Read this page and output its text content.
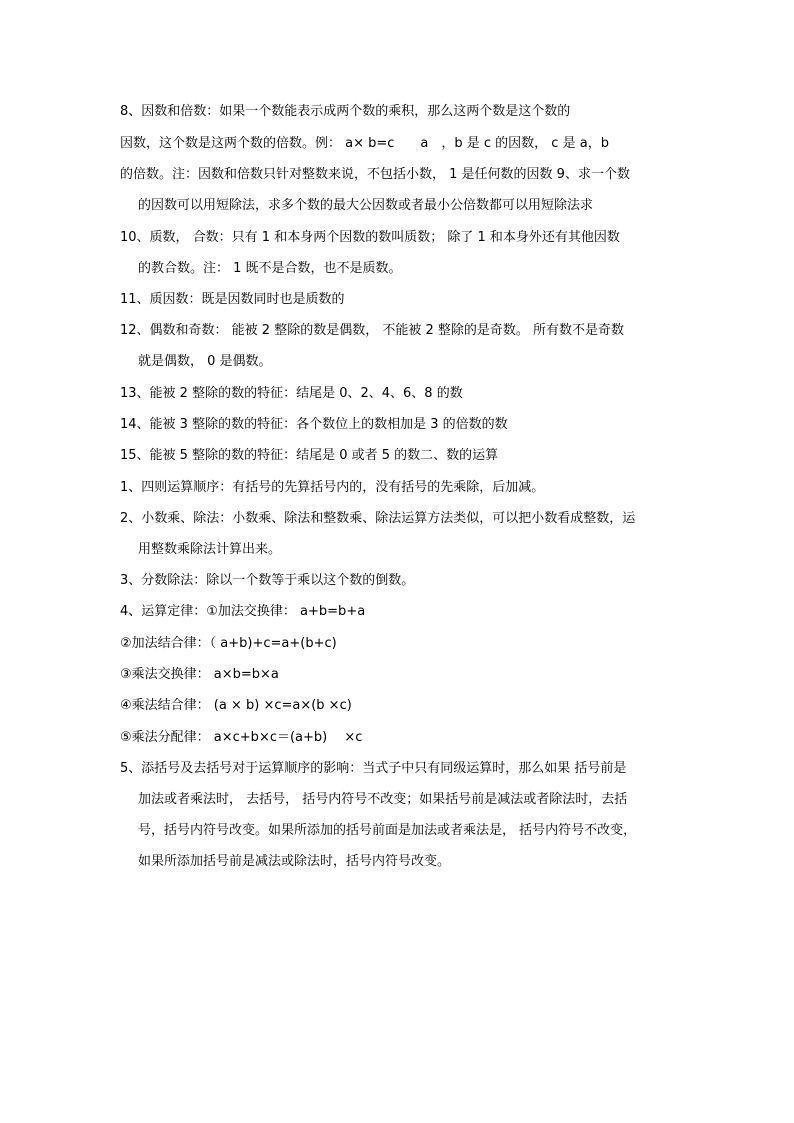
8、因数和倍数：如果一个数能表示成两个数的乘积，那么这两个数是这个数的
因数，这个数是这两个数的倍数。例： a× b=c　　a　，b 是 c 的因数， c 是 a，b
的倍数。注：因数和倍数只针对整数来说，不包括小数， 1 是任何数的因数 9、求一个数
的因数可以用短除法，求多个数的最大公因数或者最小公倍数都可以用短除法求
10、质数， 合数：只有 1 和本身两个因数的数叫质数； 除了 1 和本身外还有其他因数
的教合数。注： 1 既不是合数，也不是质数。
11、质因数：既是因数同时也是质数的
12、偶数和奇数： 能被 2 整除的数是偶数， 不能被 2 整除的是奇数。 所有数不是奇数
就是偶数， 0 是偶数。
13、能被 2 整除的数的特征：结尾是 0、2、4、6、8 的数
14、能被 3 整除的数的特征：各个数位上的数相加是 3 的倍数的数
15、能被 5 整除的数的特征：结尾是 0 或者 5 的数二、数的运算
1、四则运算顺序：有括号的先算括号内的，没有括号的先乘除，后加减。
2、小数乘、除法：小数乘、除法和整数乘、除法运算方法类似，可以把小数看成整数，运
用整数乘除法计算出来。
3、分数除法：除以一个数等于乘以这个数的倒数。
4、运算定律：①加法交换律： a+b=b+a
②加法结合律：（ a+b)+c=a+(b+c)
③乘法交换律： a×b=b×a
④乘法结合律： (a × b) ×c=a×(b ×c)
⑤乘法分配律： a×c+b×c＝(a+b)　 ×c
5、添括号及去括号对于运算顺序的影响：当式子中只有同级运算时，那么如果 括号前是
加法或者乘法时， 去括号， 括号内符号不改变；如果括号前是减法或者除法时，去括
号，括号内符号改变。如果所添加的括号前面是加法或者乘法是， 括号内符号不改变，
如果所添加括号前是减法或除法时，括号内符号改变。
